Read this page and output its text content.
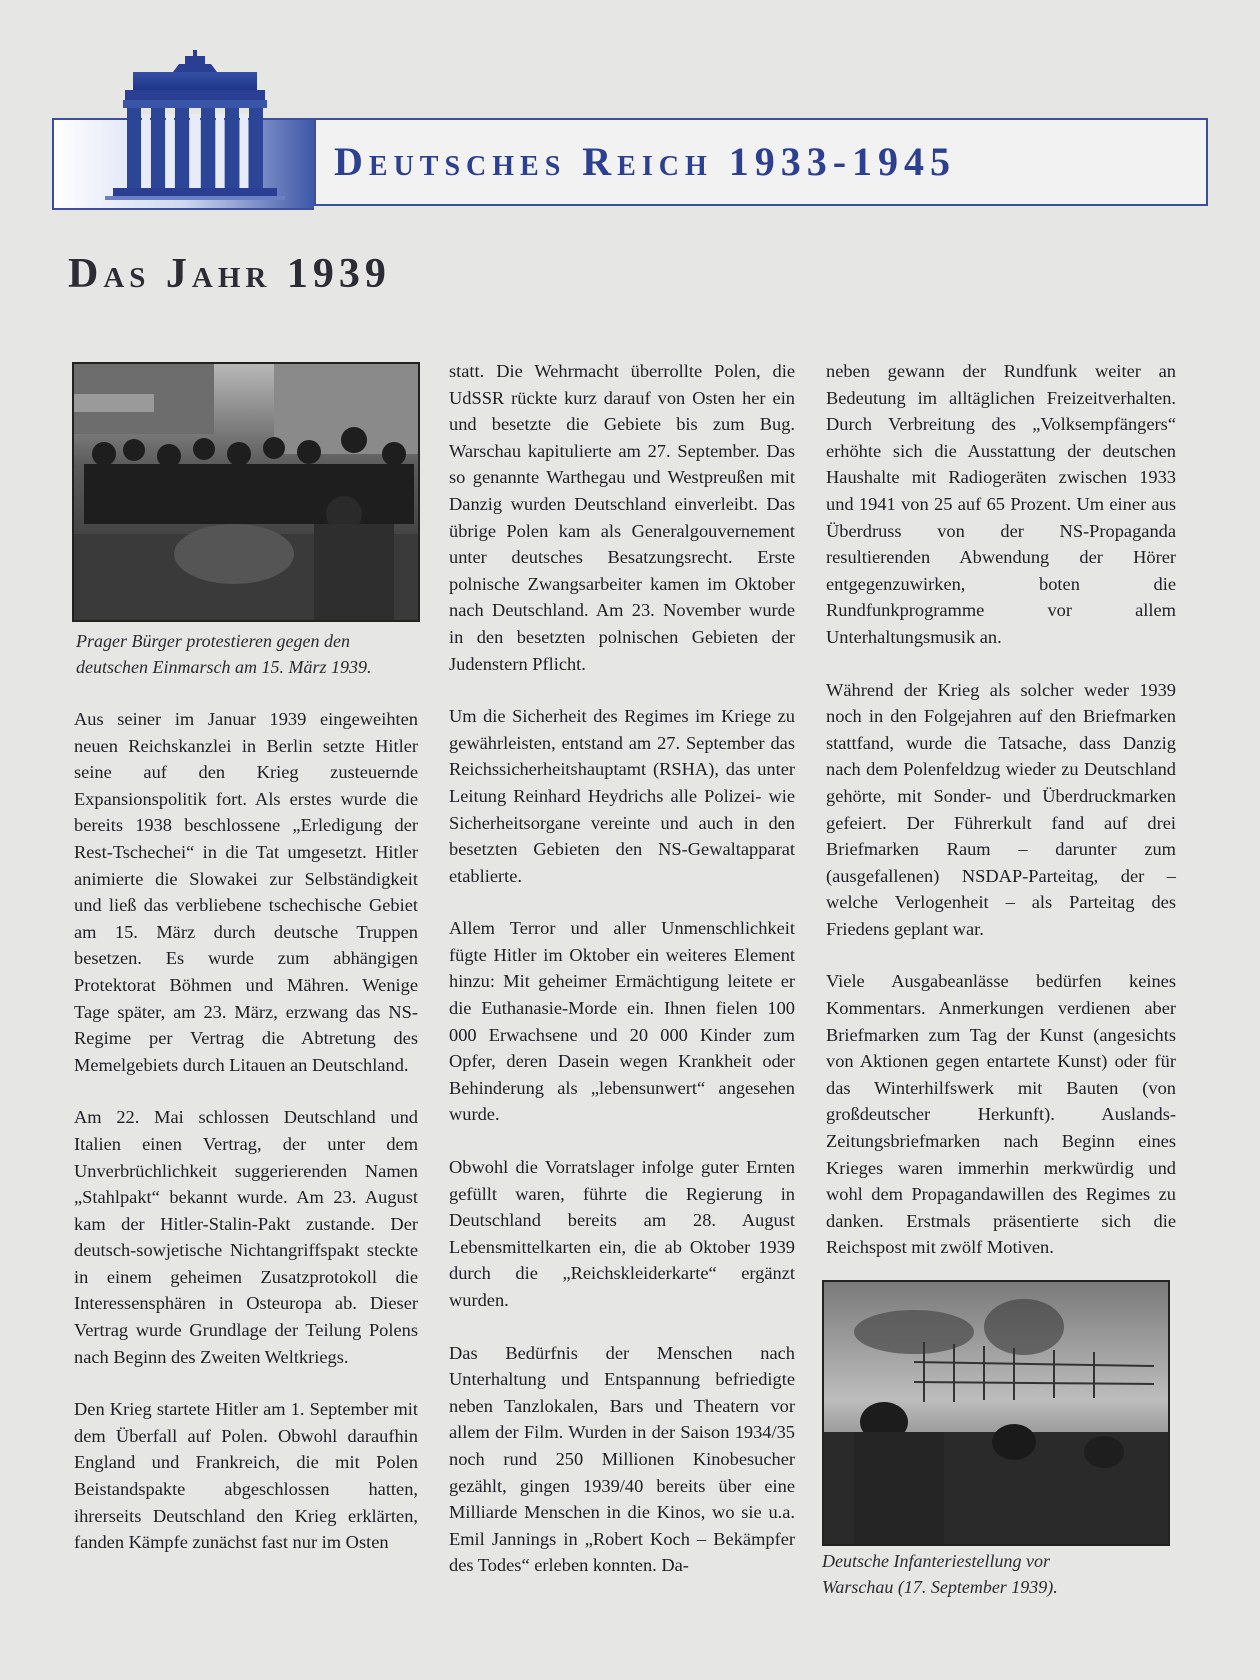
Deutsches Reich 1933-1945
Das Jahr 1939
Prager Bürger protestieren gegen den
deutschen Einmarsch am 15. März 1939.

Aus seiner im Januar 1939 eingeweihten neuen Reichskanzlei in Berlin setzte Hitler seine auf den Krieg zusteuernde Expansionspolitik fort. Als erstes wurde die bereits 1938 beschlossene „Erledigung der Rest-Tschechei“ in die Tat umgesetzt. Hitler animierte die Slowakei zur Selbständigkeit und ließ das verbliebene tschechische Gebiet am 15. März durch deutsche Truppen besetzen. Es wurde zum abhängigen Protektorat Böhmen und Mähren. Wenige Tage später, am 23. März, erzwang das NS-Regime per Vertrag die Abtretung des Memelgebiets durch Litauen an Deutschland.

Am 22. Mai schlossen Deutschland und Italien einen Vertrag, der unter dem Unverbrüchlichkeit suggerierenden Namen „Stahlpakt“ bekannt wurde. Am 23. August kam der Hitler-Stalin-Pakt zustande. Der deutsch-sowjetische Nichtangriffspakt steckte in einem geheimen Zusatzprotokoll die Interessensphären in Osteuropa ab. Dieser Vertrag wurde Grundlage der Teilung Polens nach Beginn des Zweiten Weltkriegs.

Den Krieg startete Hitler am 1. September mit dem Überfall auf Polen. Obwohl daraufhin England und Frankreich, die mit Polen Beistandspakte abgeschlossen hatten, ihrerseits Deutschland den Krieg erklärten, fanden Kämpfe zunächst fast nur im Osten

statt. Die Wehrmacht überrollte Polen, die UdSSR rückte kurz darauf von Osten her ein und besetzte die Gebiete bis zum Bug. Warschau kapitulierte am 27. September. Das so genannte Warthegau und Westpreußen mit Danzig wurden Deutschland einverleibt. Das übrige Polen kam als Generalgouvernement unter deutsches Besatzungsrecht. Erste polnische Zwangsarbeiter kamen im Oktober nach Deutschland. Am 23. November wurde in den besetzten polnischen Gebieten der Judenstern Pflicht.

Um die Sicherheit des Regimes im Kriege zu gewährleisten, entstand am 27. September das Reichssicherheitshauptamt (RSHA), das unter Leitung Reinhard Heydrichs alle Polizei- wie Sicherheitsorgane vereinte und auch in den besetzten Gebieten den NS-Gewaltapparat etablierte.

Allem Terror und aller Unmenschlichkeit fügte Hitler im Oktober ein weiteres Element hinzu: Mit geheimer Ermächtigung leitete er die Euthanasie-Morde ein. Ihnen fielen 100 000 Erwachsene und 20 000 Kinder zum Opfer, deren Dasein wegen Krankheit oder Behinderung als „lebensunwert“ angesehen wurde.

Obwohl die Vorratslager infolge guter Ernten gefüllt waren, führte die Regierung in Deutschland bereits am 28. August Lebensmittelkarten ein, die ab Oktober 1939 durch die „Reichskleiderkarte“ ergänzt wurden.

Das Bedürfnis der Menschen nach Unterhaltung und Entspannung befriedigte neben Tanzlokalen, Bars und Theatern vor allem der Film. Wurden in der Saison 1934/35 noch rund 250 Millionen Kinobesucher gezählt, gingen 1939/40 bereits über eine Milliarde Menschen in die Kinos, wo sie u.a. Emil Jannings in „Robert Koch – Bekämpfer des Todes“ erleben konnten. Da-

neben gewann der Rundfunk weiter an Bedeutung im alltäglichen Freizeitverhalten. Durch Verbreitung des „Volksempfängers“ erhöhte sich die Ausstattung der deutschen Haushalte mit Radiogeräten zwischen 1933 und 1941 von 25 auf 65 Prozent. Um einer aus Überdruss von der NS-Propaganda resultierenden Abwendung der Hörer entgegenzuwirken, boten die Rundfunkprogramme vor allem Unterhaltungsmusik an.

Während der Krieg als solcher weder 1939 noch in den Folgejahren auf den Briefmarken stattfand, wurde die Tatsache, dass Danzig nach dem Polenfeldzug wieder zu Deutschland gehörte, mit Sonder- und Überdruckmarken gefeiert. Der Führerkult fand auf drei Briefmarken Raum – darunter zum (ausgefallenen) NSDAP-Parteitag, der – welche Verlogenheit – als Parteitag des Friedens geplant war.

Viele Ausgabeanlässe bedürfen keines Kommentars. Anmerkungen verdienen aber Briefmarken zum Tag der Kunst (angesichts von Aktionen gegen entartete Kunst) oder für das Winterhilfswerk mit Bauten (von großdeutscher Herkunft). Auslands-Zeitungsbriefmarken nach Beginn eines Krieges waren immerhin merkwürdig und wohl dem Propagandawillen des Regimes zu danken. Erstmals präsentierte sich die Reichspost mit zwölf Motiven.

Deutsche Infanteriestellung vor
Warschau (17. September 1939).
